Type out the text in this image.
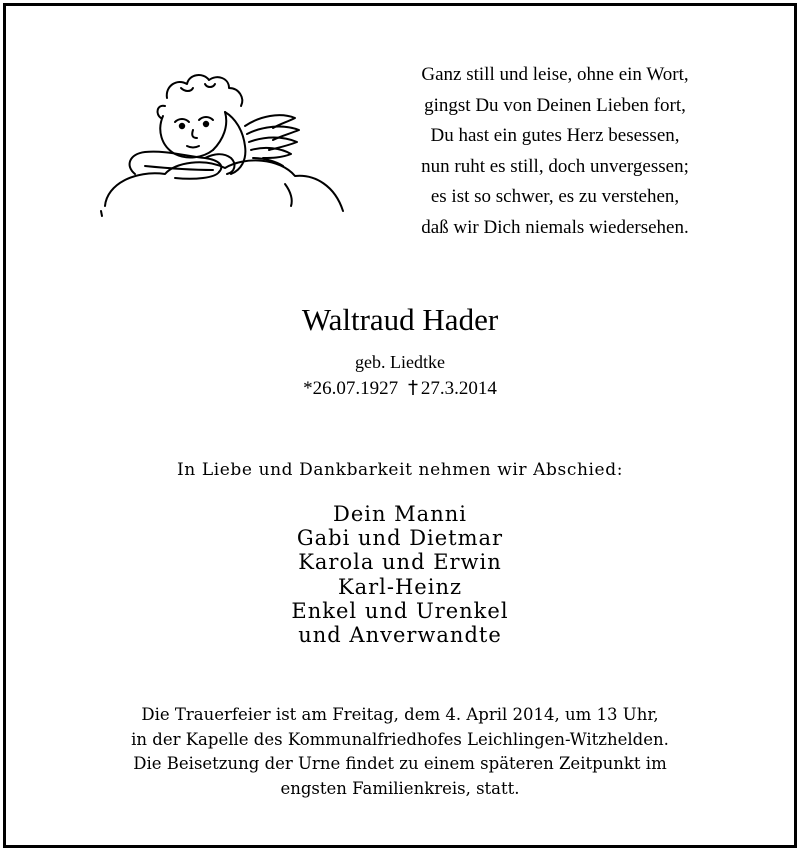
Ganz still und leise, ohne ein Wort,
gingst Du von Deinen Lieben fort,
Du hast ein gutes Herz besessen,
nun ruht es still, doch unvergessen;
es ist so schwer, es zu verstehen,
daß wir Dich niemals wiedersehen.
Waltraud Hader
geb. Liedtke
*26.07.1927 27.3.2014
In Liebe und Dankbarkeit nehmen wir Abschied:
Dein Manni
Gabi und Dietmar
Karola und Erwin
Karl-Heinz
Enkel und Urenkel
und Anverwandte
Die Trauerfeier ist am Freitag, dem 4. April 2014, um 13 Uhr,
in der Kapelle des Kommunalfriedhofes Leichlingen-Witzhelden.
Die Beisetzung der Urne findet zu einem späteren Zeitpunkt im
engsten Familienkreis, statt.
